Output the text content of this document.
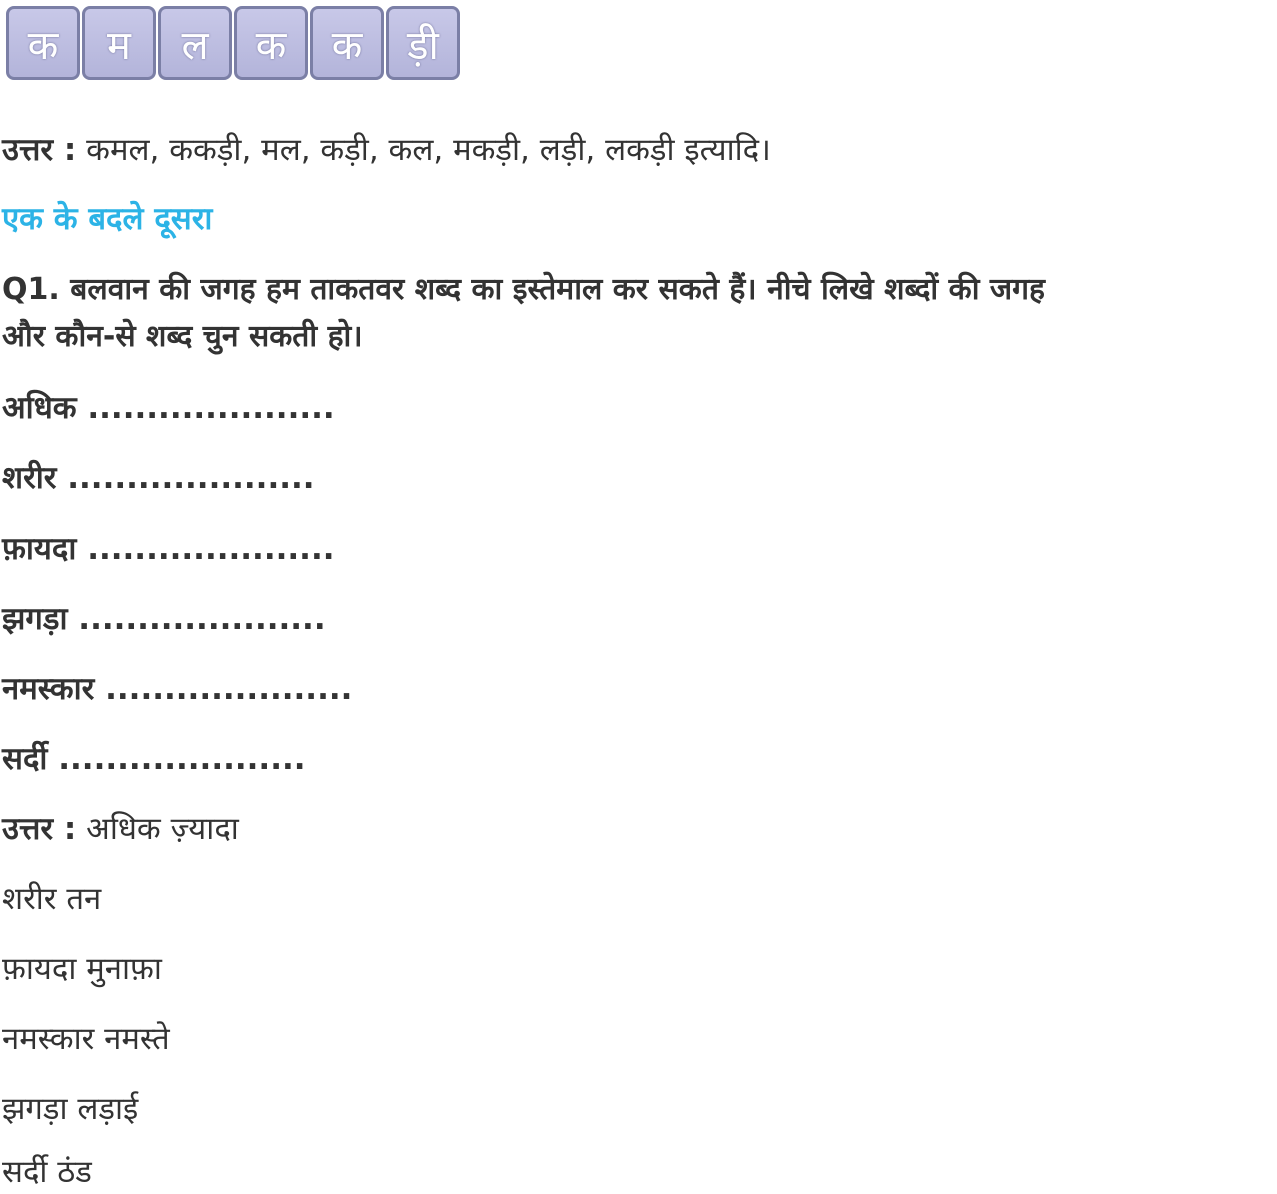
क	म	ल	क	क	ड़ी

उत्तर : कमल, ककड़ी, मल, कड़ी, कल, मकड़ी, लड़ी, लकड़ी इत्यादि।

एक के बदले दूसरा

Q1. बलवान की जगह हम ताकतवर शब्द का इस्तेमाल कर सकते हैं। नीचे लिखे शब्दों की जगह

और कौन-से शब्द चुन सकती हो।

अधिक .....................

शरीर .....................

फ़ायदा .....................

झगड़ा .....................

नमस्कार .....................

सर्दी .....................

उत्तर : अधिक ज़्यादा

शरीर तन

फ़ायदा मुनाफ़ा

नमस्कार नमस्ते

झगड़ा लड़ाई

सर्दी ठंड
